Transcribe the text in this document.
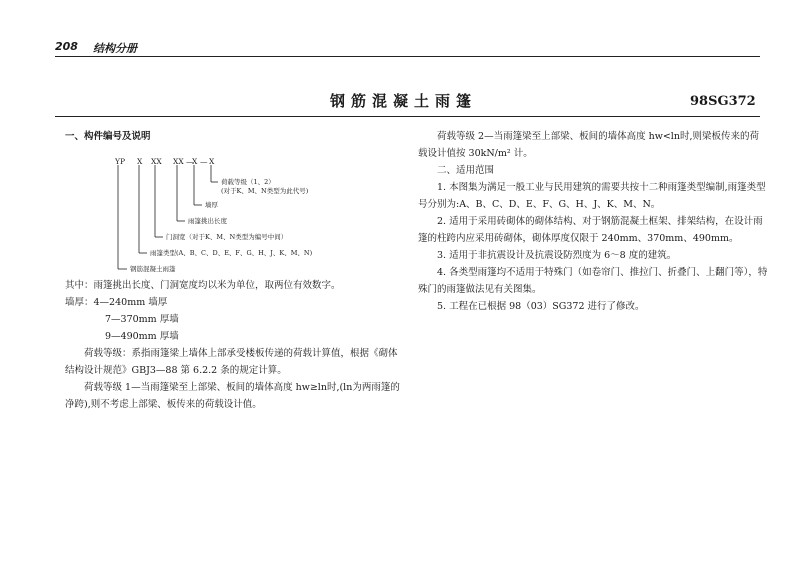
208 结构分册
钢筋混凝土雨篷	98SG372

一、构件编号及说明

YP X XX XX —
X — X
荷载等级（1、2）
(对于K、M、N类型为此代号)
墙厚
雨篷挑出长度
门洞宽（对于K、M、N类型为编号中间）
雨篷类型(A、B、C、D、E、F、G、H、J、K、M、N)
钢筋混凝土雨篷

其中：雨篷挑出长度、门洞宽度均以米为单位，取两位有效数字。

墙厚：4—240mm 墙厚

7—370mm 厚墙

9—490mm 厚墙

荷载等级：系指雨篷梁上墙体上部承受楼板传递的荷载计算值，根据《砌体结构设计规范》GBJ3—88 第 6.2.2 条的规定计算。

荷载等级 1—当雨篷梁至上部梁、板间的墙体高度 hw≥ln时,(ln为两雨篷的净跨),则不考虑上部梁、板传来的荷载设计值。

荷载等级 2—当雨篷梁至上部梁、板间的墙体高度 hw<ln时,则梁板传来的荷载设计值按 30kN/m² 计。

二、适用范围

1. 本图集为满足一般工业与民用建筑的需要共按十二种雨篷类型编制,雨篷类型号分别为:A、B、C、D、E、F、G、H、J、K、M、N。

2. 适用于采用砖砌体的砌体结构、对于钢筋混凝土框架、排架结构，在设计雨篷的柱跨内应采用砖砌体，砌体厚度仅限于 240mm、370mm、490mm。

3. 适用于非抗震设计及抗震设防烈度为 6～8 度的建筑。

4. 各类型雨篷均不适用于特殊门（如卷帘门、推拉门、折叠门、上翻门等），特殊门的雨篷做法见有关图集。

5. 工程在已根据 98（03）SG372 进行了修改。
